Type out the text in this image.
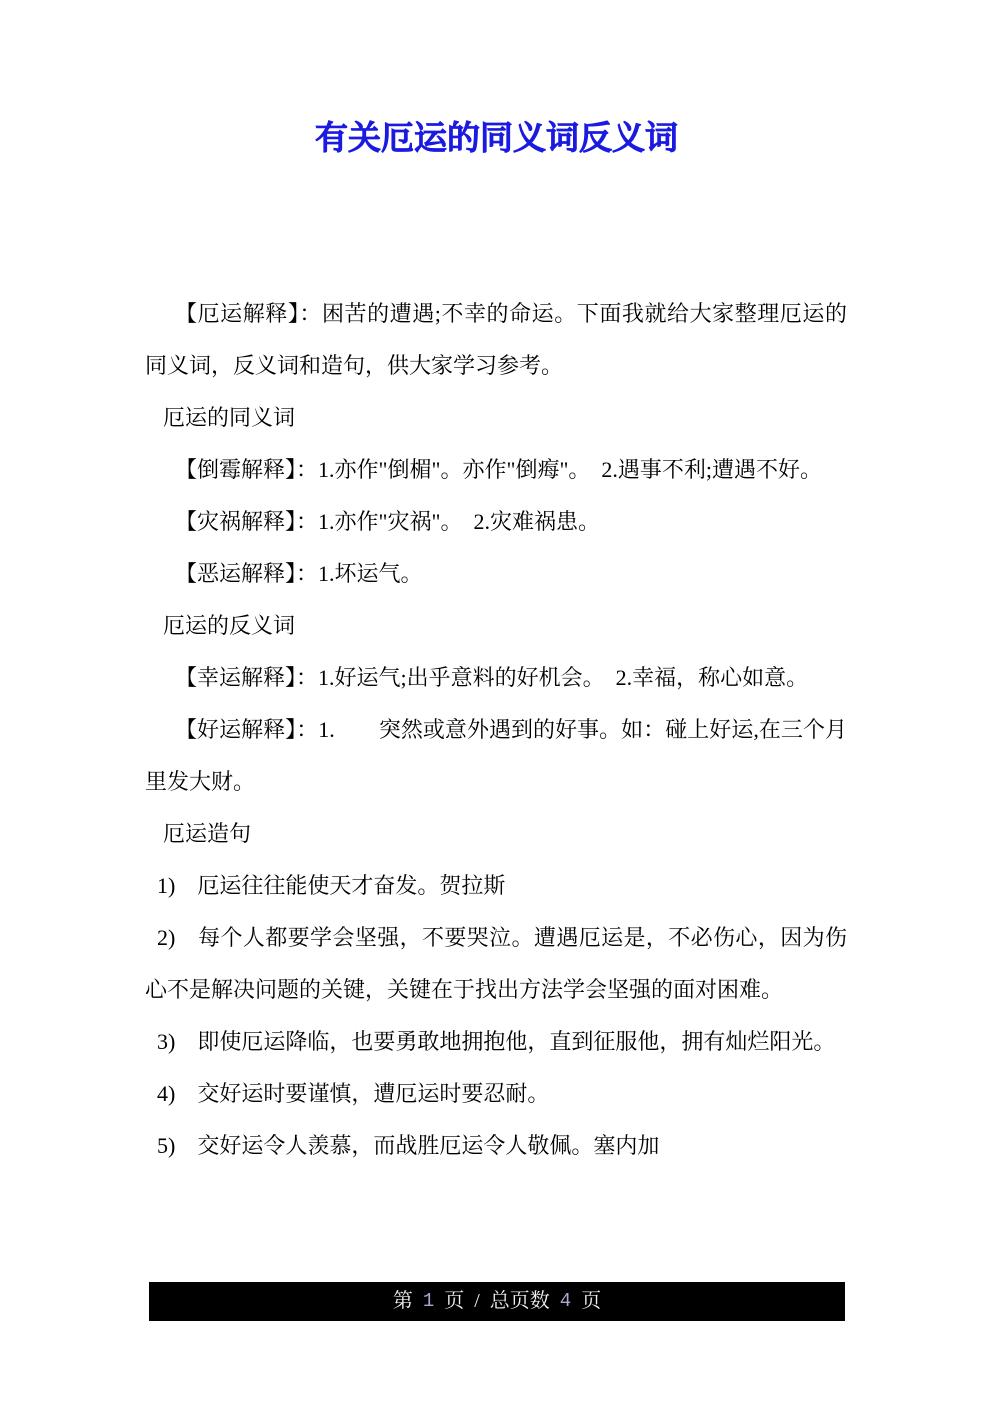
有关厄运的同义词反义词

【厄运解释】：困苦的遭遇;不幸的命运。下面我就给大家整理厄运的同义词，反义词和造句，供大家学习参考。

厄运的同义词

【倒霉解释】：1.亦作"倒楣"。亦作"倒痗"。　2.遇事不利;遭遇不好。

【灾祸解释】：1.亦作"灾祸"。　2.灾难祸患。

【恶运解释】：1.坏运气。

厄运的反义词

【幸运解释】：1.好运气;出乎意料的好机会。　2.幸福，称心如意。

【好运解释】：1.　　突然或意外遇到的好事。如：碰上好运,在三个月里发大财。

厄运造句

1)　厄运往往能使天才奋发。贺拉斯

2)　每个人都要学会坚强，不要哭泣。遭遇厄运是，不必伤心，因为伤心不是解决问题的关键，关键在于找出方法学会坚强的面对困难。

3)　即使厄运降临，也要勇敢地拥抱他，直到征服他，拥有灿烂阳光。

4)　交好运时要谨慎，遭厄运时要忍耐。

5)　交好运令人羡慕，而战胜厄运令人敬佩。塞内加

第 1 页 / 总页数 4 页
